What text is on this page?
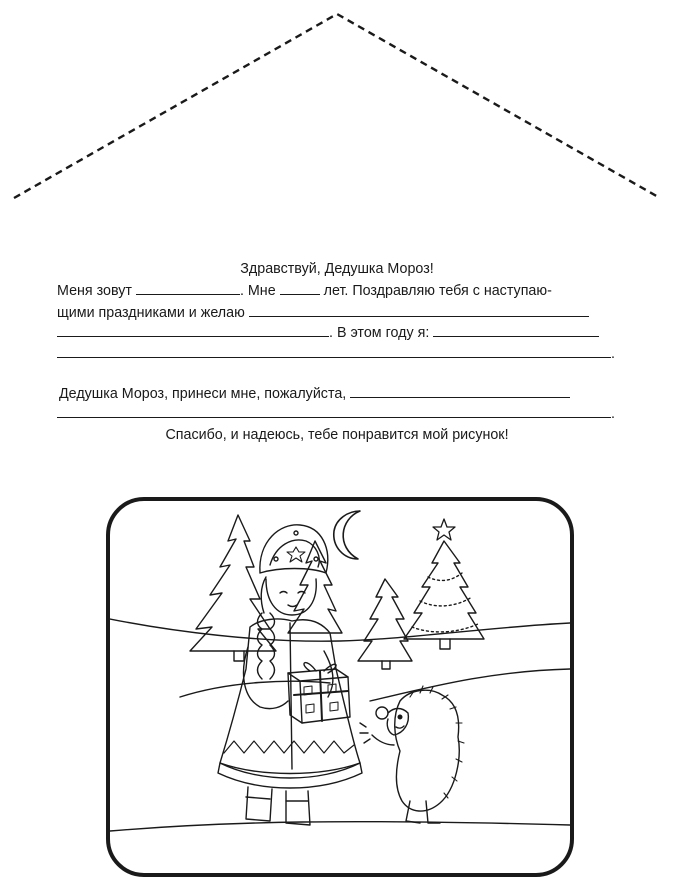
Здравствуй, Дедушка Мороз!
Меня зовут	. Мне	лет. Поздравляю тебя с наступаю-
щими праздниками и желаю
. В этом году я:
.
Дедушка Мороз, принеси мне, пожалуйста,
.
Спасибо, и надеюсь, тебе понравится мой рисунок!
